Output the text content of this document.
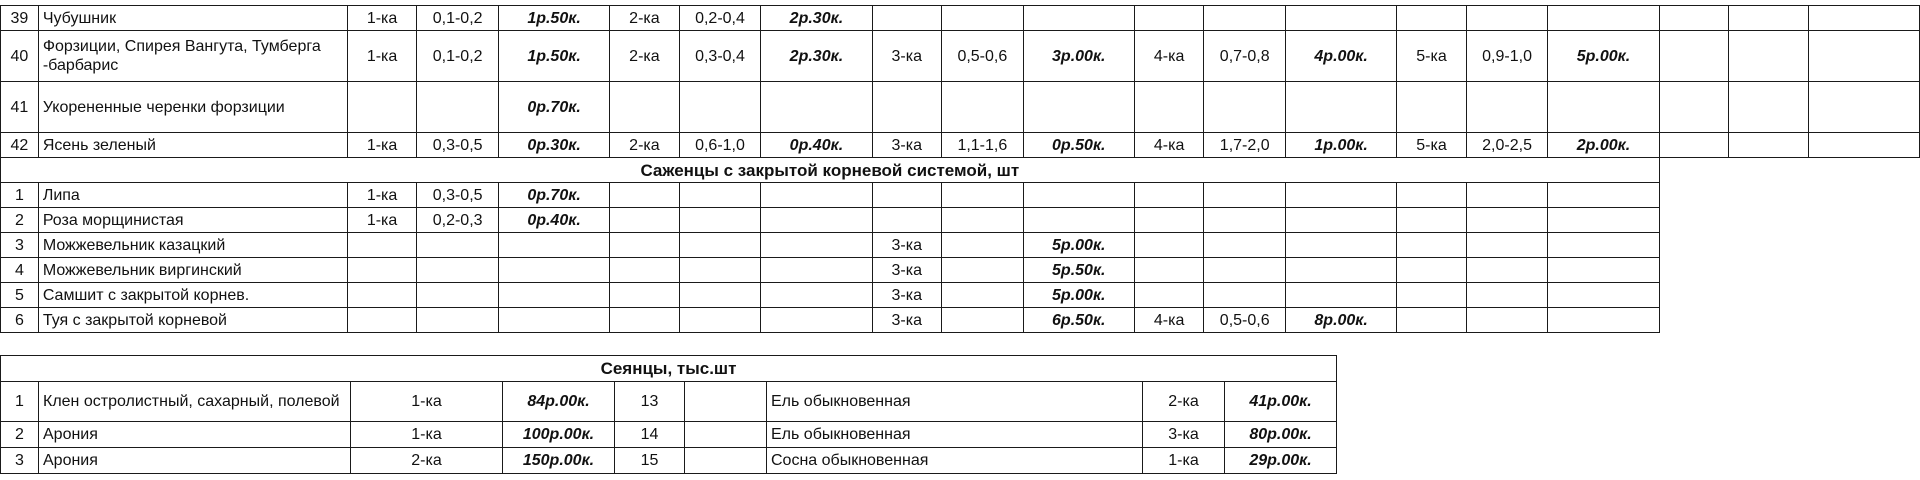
39	Чубушник	1-ка	0,1-0,2	1р.50к.	2-ка	0,2-0,4	2р.30к.												
40	Форзиции, Спирея Вангута, Тумберга -барбарис	1-ка	0,1-0,2	1р.50к.	2-ка	0,3-0,4	2р.30к.	3-ка	0,5-0,6	3р.00к.	4-ка	0,7-0,8	4р.00к.	5-ка	0,9-1,0	5р.00к.			
41	Укорененные черенки форзиции			0р.70к.															
42	Ясень зеленый	1-ка	0,3-0,5	0р.30к.	2-ка	0,6-1,0	0р.40к.	3-ка	1,1-1,6	0р.50к.	4-ка	1,7-2,0	1р.00к.	5-ка	2,0-2,5	2р.00к.			
Саженцы с закрытой корневой системой, шт																			
1	Липа	1-ка	0,3-0,5	0р.70к.															
2	Роза морщинистая	1-ка	0,2-0,3	0р.40к.															
3	Можжевельник казацкий							3-ка		5р.00к.									
4	Можжевельник виргинский							3-ка		5р.50к.									
5	Самшит с закрытой корнев.							3-ка		5р.00к.									
6	Туя с закрытой корневой							3-ка		6р.50к.	4-ка	0,5-0,6	8р.00к.						
Сеянцы, тыс.шт								
1	Клен остролистный, сахарный, полевой	1-ка	84р.00к.	13		Ель обыкновенная	2-ка	41р.00к.
2	Арония	1-ка	100р.00к.	14		Ель обыкновенная	3-ка	80р.00к.
3	Арония	2-ка	150р.00к.	15		Сосна обыкновенная	1-ка	29р.00к.
